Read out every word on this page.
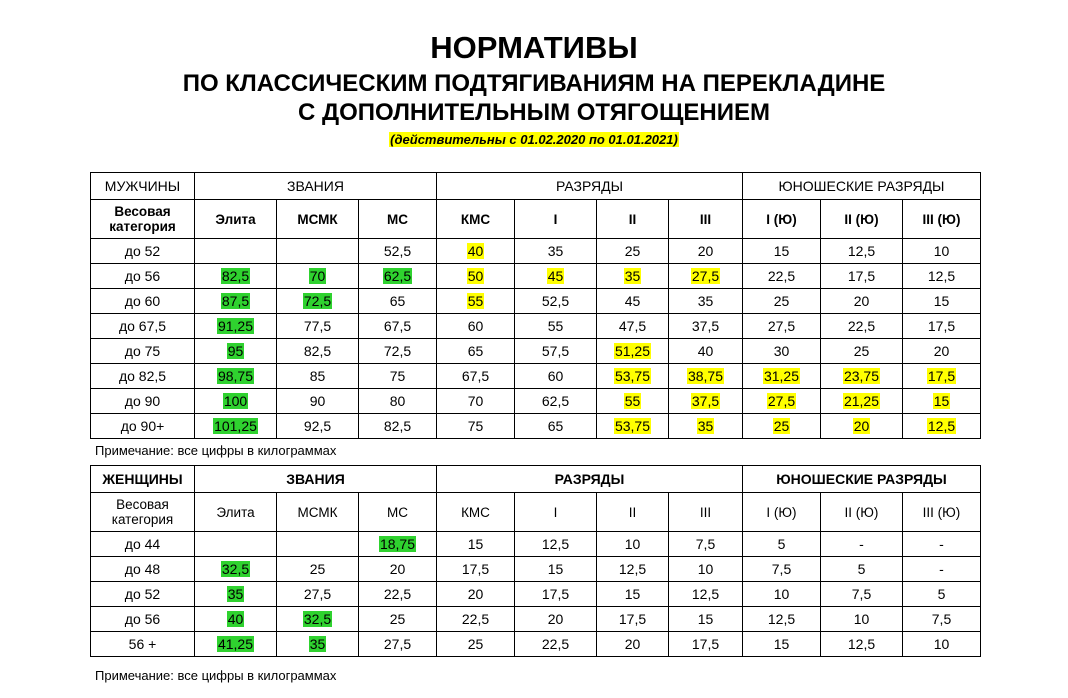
НОРМАТИВЫ
ПО КЛАССИЧЕСКИМ ПОДТЯГИВАНИЯМ НА ПЕРЕКЛАДИНЕ
С ДОПОЛНИТЕЛЬНЫМ ОТЯГОЩЕНИЕМ
(действительны с 01.02.2020 по 01.01.2021)
МУЖЧИНЫ	ЗВАНИЯ			РАЗРЯДЫ				ЮНОШЕСКИЕ РАЗРЯДЫ		
Весовая категория	Элита	МСМК	МС	КМС	I	II	III	I (Ю)	II (Ю)	III (Ю)
до 52			52,5	40	35	25	20	15	12,5	10
до 56	82,5	70	62,5	50	45	35	27,5	22,5	17,5	12,5
до 60	87,5	72,5	65	55	52,5	45	35	25	20	15
до 67,5	91,25	77,5	67,5	60	55	47,5	37,5	27,5	22,5	17,5
до 75	95	82,5	72,5	65	57,5	51,25	40	30	25	20
до 82,5	98,75	85	75	67,5	60	53,75	38,75	31,25	23,75	17,5
до 90	100	90	80	70	62,5	55	37,5	27,5	21,25	15
до 90+	101,25	92,5	82,5	75	65	53,75	35	25	20	12,5
Примечание: все цифры в килограммах
ЖЕНЩИНЫ	ЗВАНИЯ			РАЗРЯДЫ				ЮНОШЕСКИЕ РАЗРЯДЫ		
Весовая категория	Элита	МСМК	МС	КМС	I	II	III	I (Ю)	II (Ю)	III (Ю)
до 44			18,75	15	12,5	10	7,5	5	-	-
до 48	32,5	25	20	17,5	15	12,5	10	7,5	5	-
до 52	35	27,5	22,5	20	17,5	15	12,5	10	7,5	5
до 56	40	32,5	25	22,5	20	17,5	15	12,5	10	7,5
56 +	41,25	35	27,5	25	22,5	20	17,5	15	12,5	10
Примечание: все цифры в килограммах
